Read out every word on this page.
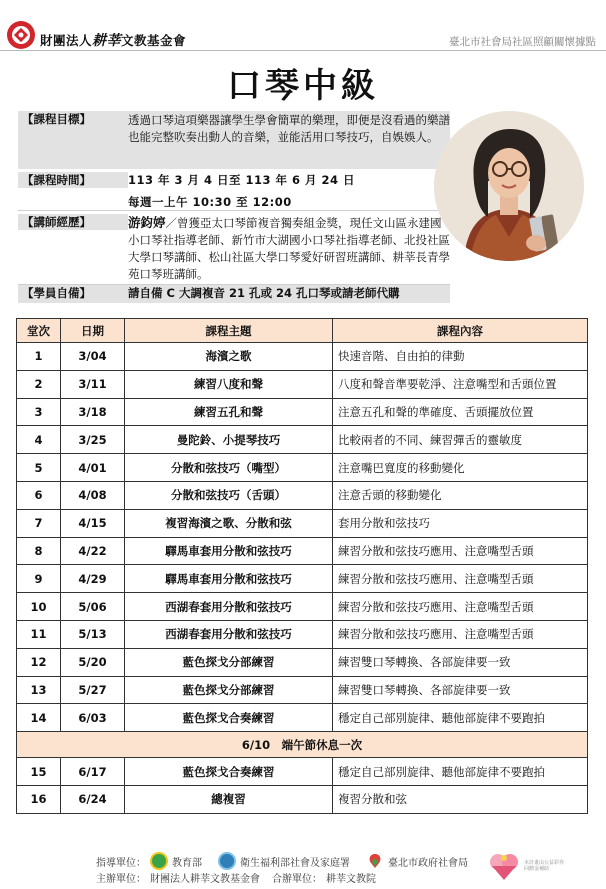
財團法人耕莘文教基金會	臺北市社會局社區照顧關懷據點
口琴中級
【課程目標】	透過口琴這項樂器讓學生學會簡單的樂理，即便是沒看過的樂譜也能完整吹奏出動人的音樂，並能活用口琴技巧，自娛娛人。
【課程時間】	113 年 3 月 4 日至 113 年 6 月 24 日
每週一上午 10:30 至 12:00
【講師經歷】	游鈞婷／曾獲亞太口琴節複音獨奏組金獎，現任文山區永建國小口琴社指導老師、新竹市大湖國小口琴社指導老師、北投社區大學口琴講師、松山社區大學口琴愛好研習班講師、耕莘長青學苑口琴班講師。
【學員自備】	請自備 C 大調複音 21 孔或 24 孔口琴或請老師代購
堂次	日期	課程主題	課程內容
1	3/04	海濱之歌	快速音階、自由拍的律動
2	3/11	練習八度和聲	八度和聲音準要乾淨、注意嘴型和舌頭位置
3	3/18	練習五孔和聲	注意五孔和聲的準確度、舌頭擺放位置
4	3/25	曼陀鈴、小提琴技巧	比較兩者的不同、練習彈舌的靈敏度
5	4/01	分散和弦技巧（嘴型）	注意嘴巴寬度的移動變化
6	4/08	分散和弦技巧（舌頭）	注意舌頭的移動變化
7	4/15	複習海濱之歌、分散和弦	套用分散和弦技巧
8	4/22	驛馬車套用分散和弦技巧	練習分散和弦技巧應用、注意嘴型舌頭
9	4/29	驛馬車套用分散和弦技巧	練習分散和弦技巧應用、注意嘴型舌頭
10	5/06	西湖春套用分散和弦技巧	練習分散和弦技巧應用、注意嘴型舌頭
11	5/13	西湖春套用分散和弦技巧	練習分散和弦技巧應用、注意嘴型舌頭
12	5/20	藍色探戈分部練習	練習雙口琴轉換、各部旋律要一致
13	5/27	藍色探戈分部練習	練習雙口琴轉換、各部旋律要一致
14	6/03	藍色探戈合奏練習	穩定自己部別旋律、聽他部旋律不要跑拍
6/10　端午節休息一次			
15	6/17	藍色探戈合奏練習	穩定自己部別旋律、聽他部旋律不要跑拍
16	6/24	總複習	複習分散和弦
指導單位：	教育部	衛生福利部社會及家庭署	臺北市政府社會局
主辦單位： 財團法人耕莘文教基金會 合辦單位： 耕莘文教院
本計畫由公益彩券回饋金補助
